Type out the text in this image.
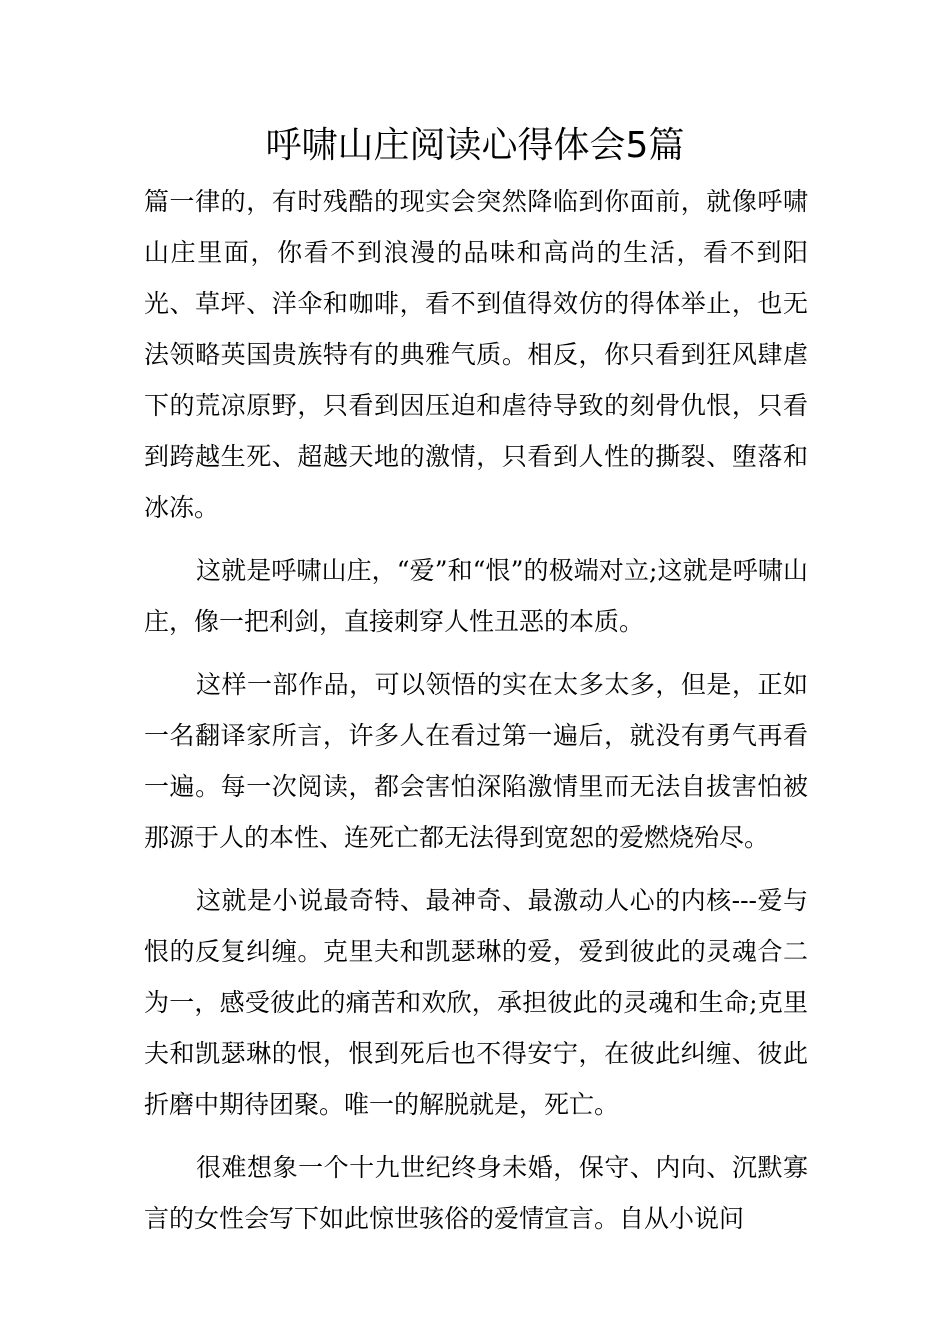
呼啸山庄阅读心得体会5篇

篇一律的，有时残酷的现实会突然降临到你面前，就像呼啸山庄里面，你看不到浪漫的品味和高尚的生活，看不到阳光、草坪、洋伞和咖啡，看不到值得效仿的得体举止，也无法领略英国贵族特有的典雅气质。相反，你只看到狂风肆虐下的荒凉原野，只看到因压迫和虐待导致的刻骨仇恨，只看到跨越生死、超越天地的激情，只看到人性的撕裂、堕落和冰冻。

这就是呼啸山庄，“爱”和“恨”的极端对立;这就是呼啸山庄，像一把利剑，直接刺穿人性丑恶的本质。

这样一部作品，可以领悟的实在太多太多，但是，正如一名翻译家所言，许多人在看过第一遍后，就没有勇气再看一遍。每一次阅读，都会害怕深陷激情里而无法自拔害怕被那源于人的本性、连死亡都无法得到宽恕的爱燃烧殆尽。

这就是小说最奇特、最神奇、最激动人心的内核---爱与恨的反复纠缠。克里夫和凯瑟琳的爱，爱到彼此的灵魂合二为一，感受彼此的痛苦和欢欣，承担彼此的灵魂和生命;克里夫和凯瑟琳的恨，恨到死后也不得安宁，在彼此纠缠、彼此折磨中期待团聚。唯一的解脱就是，死亡。

很难想象一个十九世纪终身未婚，保守、内向、沉默寡言的女性会写下如此惊世骇俗的爱情宣言。自从小说问
